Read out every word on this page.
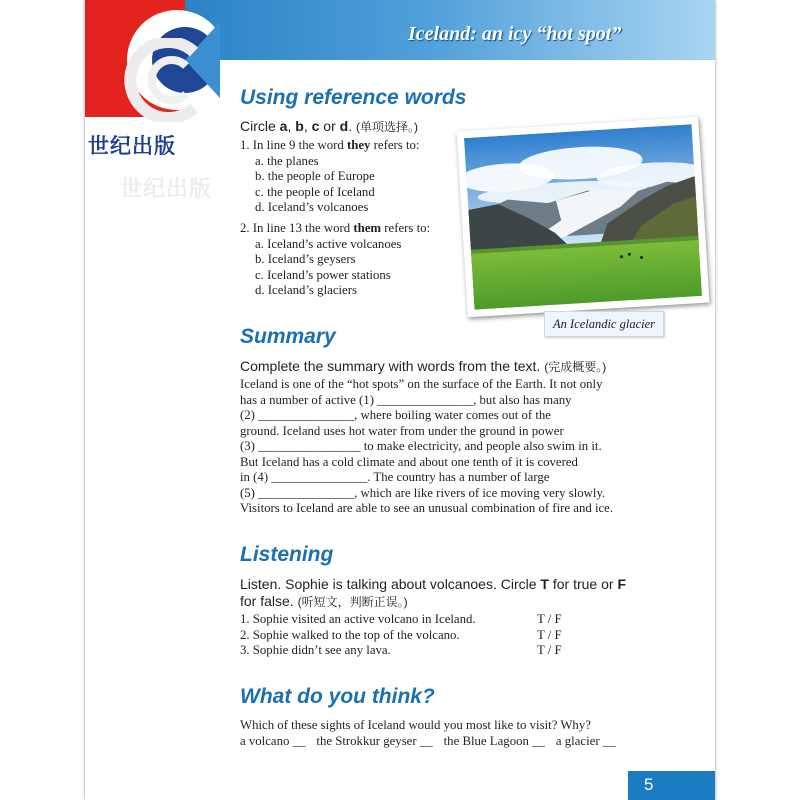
Iceland: an icy “hot spot”
世纪出版
世纪出版
Using reference words
Circle a, b, c or d. (单项选择。)
1. In line 9 the word they refers to:
a. the planes
b. the people of Europe
c. the people of Iceland
d. Iceland’s volcanoes
2. In line 13 the word them refers to:
a. Iceland’s active volcanoes
b. Iceland’s geysers
c. Iceland’s power stations
d. Iceland’s glaciers
An Icelandic glacier
Summary
Complete the summary with words from the text. (完成概要。)
Iceland is one of the “hot spots” on the surface of the Earth. It not only
has a number of active (1) _______________, but also has many
(2) _______________, where boiling water comes out of the
ground. Iceland uses hot water from under the ground in power
(3) ________________ to make electricity, and people also swim in it.
But Iceland has a cold climate and about one tenth of it is covered
in (4) _______________. The country has a number of large
(5) _______________, which are like rivers of ice moving very slowly.
Visitors to Iceland are able to see an unusual combination of fire and ice.
Listening
Listen. Sophie is talking about volcanoes. Circle T for true or F
for false. (听短文，判断正误。)
1. Sophie visited an active volcano in Iceland.	T / F
2. Sophie walked to the top of the volcano.	T / F
3. Sophie didn’t see any lava.	T / F
What do you think?
Which of these sights of Iceland would you most like to visit? Why?
a volcano __ the Strokkur geyser __ the Blue Lagoon __ a glacier __
5
